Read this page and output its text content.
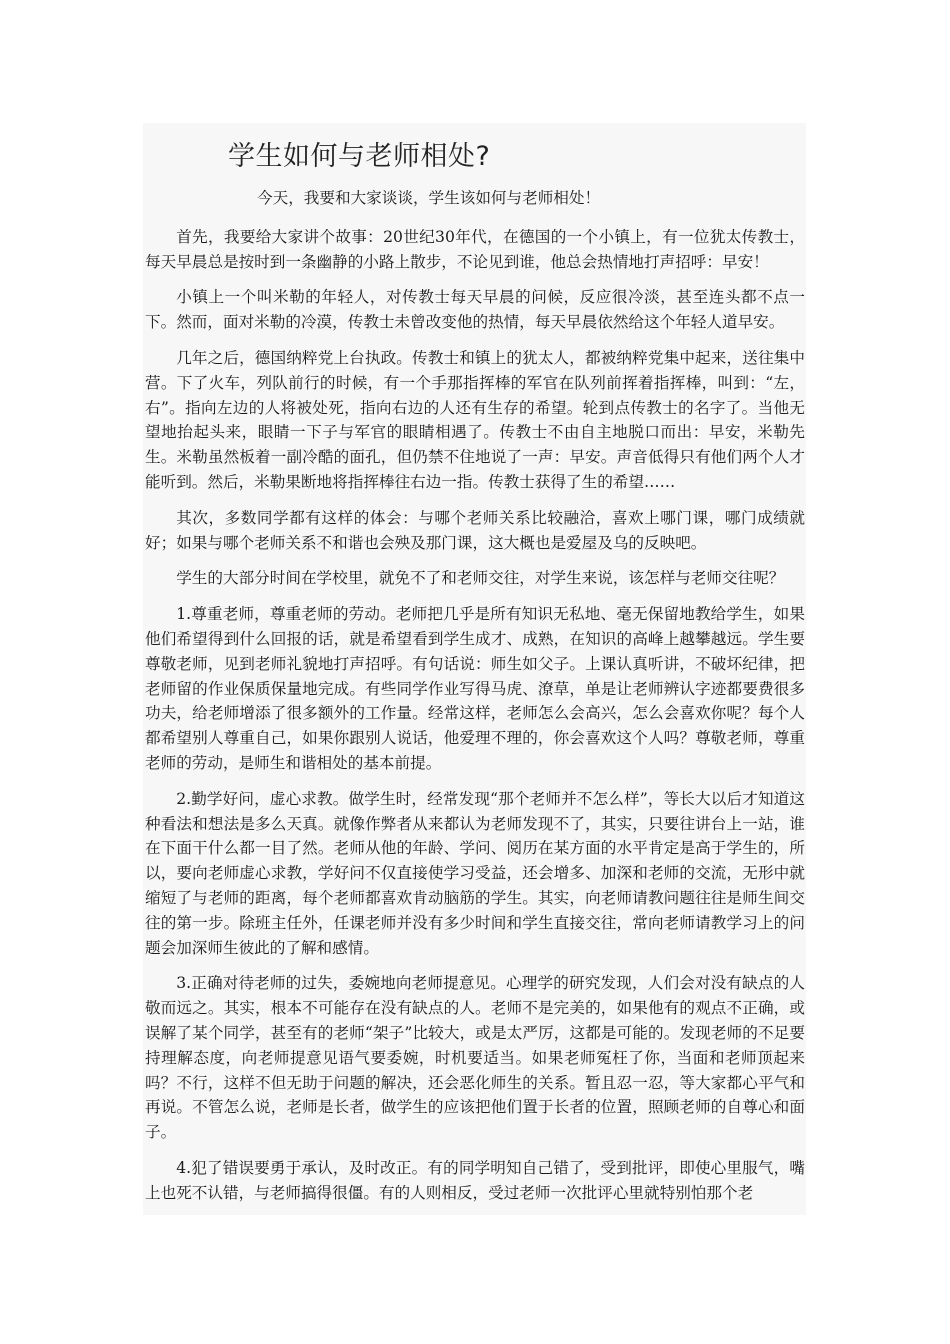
学生如何与老师相处?

今天，我要和大家谈谈，学生该如何与老师相处！

首先，我要给大家讲个故事：20世纪30年代，在德国的一个小镇上，有一位犹太传教士，每天早晨总是按时到一条幽静的小路上散步，不论见到谁，他总会热情地打声招呼：早安！

小镇上一个叫米勒的年轻人，对传教士每天早晨的问候，反应很冷淡，甚至连头都不点一下。然而，面对米勒的冷漠，传教士未曾改变他的热情，每天早晨依然给这个年轻人道早安。

几年之后，德国纳粹党上台执政。传教士和镇上的犹太人，都被纳粹党集中起来，送往集中营。下了火车，列队前行的时候，有一个手那指挥棒的军官在队列前挥着指挥棒，叫到：“左，右”。指向左边的人将被处死，指向右边的人还有生存的希望。轮到点传教士的名字了。当他无望地抬起头来，眼睛一下子与军官的眼睛相遇了。传教士不由自主地脱口而出：早安，米勒先生。米勒虽然板着一副冷酷的面孔，但仍禁不住地说了一声：早安。声音低得只有他们两个人才能听到。然后，米勒果断地将指挥棒往右边一指。传教士获得了生的希望……

其次，多数同学都有这样的体会：与哪个老师关系比较融洽，喜欢上哪门课，哪门成绩就好；如果与哪个老师关系不和谐也会殃及那门课，这大概也是爱屋及乌的反映吧。

学生的大部分时间在学校里，就免不了和老师交往，对学生来说，该怎样与老师交往呢？

1.尊重老师，尊重老师的劳动。老师把几乎是所有知识无私地、毫无保留地教给学生，如果他们希望得到什么回报的话，就是希望看到学生成才、成熟，在知识的高峰上越攀越远。学生要尊敬老师，见到老师礼貌地打声招呼。有句话说：师生如父子。上课认真听讲，不破坏纪律，把老师留的作业保质保量地完成。有些同学作业写得马虎、潦草，单是让老师辨认字迹都要费很多功夫，给老师增添了很多额外的工作量。经常这样，老师怎么会高兴，怎么会喜欢你呢？每个人都希望别人尊重自己，如果你跟别人说话，他爱理不理的，你会喜欢这个人吗？尊敬老师，尊重老师的劳动，是师生和谐相处的基本前提。

2.勤学好问，虚心求教。做学生时，经常发现“那个老师并不怎么样”，等长大以后才知道这种看法和想法是多么天真。就像作弊者从来都认为老师发现不了，其实，只要往讲台上一站，谁在下面干什么都一目了然。老师从他的年龄、学问、阅历在某方面的水平肯定是高于学生的，所以，要向老师虚心求教，学好问不仅直接使学习受益，还会增多、加深和老师的交流，无形中就缩短了与老师的距离，每个老师都喜欢肯动脑筋的学生。其实，向老师请教问题往往是师生间交往的第一步。除班主任外，任课老师并没有多少时间和学生直接交往，常向老师请教学习上的问题会加深师生彼此的了解和感情。

3.正确对待老师的过失，委婉地向老师提意见。心理学的研究发现，人们会对没有缺点的人敬而远之。其实，根本不可能存在没有缺点的人。老师不是完美的，如果他有的观点不正确，或误解了某个同学，甚至有的老师“架子”比较大，或是太严厉，这都是可能的。发现老师的不足要持理解态度，向老师提意见语气要委婉，时机要适当。如果老师冤枉了你，当面和老师顶起来吗？不行，这样不但无助于问题的解决，还会恶化师生的关系。暂且忍一忍，等大家都心平气和再说。不管怎么说，老师是长者，做学生的应该把他们置于长者的位置，照顾老师的自尊心和面子。

4.犯了错误要勇于承认，及时改正。有的同学明知自己错了，受到批评，即使心里服气，嘴上也死不认错，与老师搞得很僵。有的人则相反，受过老师一次批评心里就特别怕那个老
